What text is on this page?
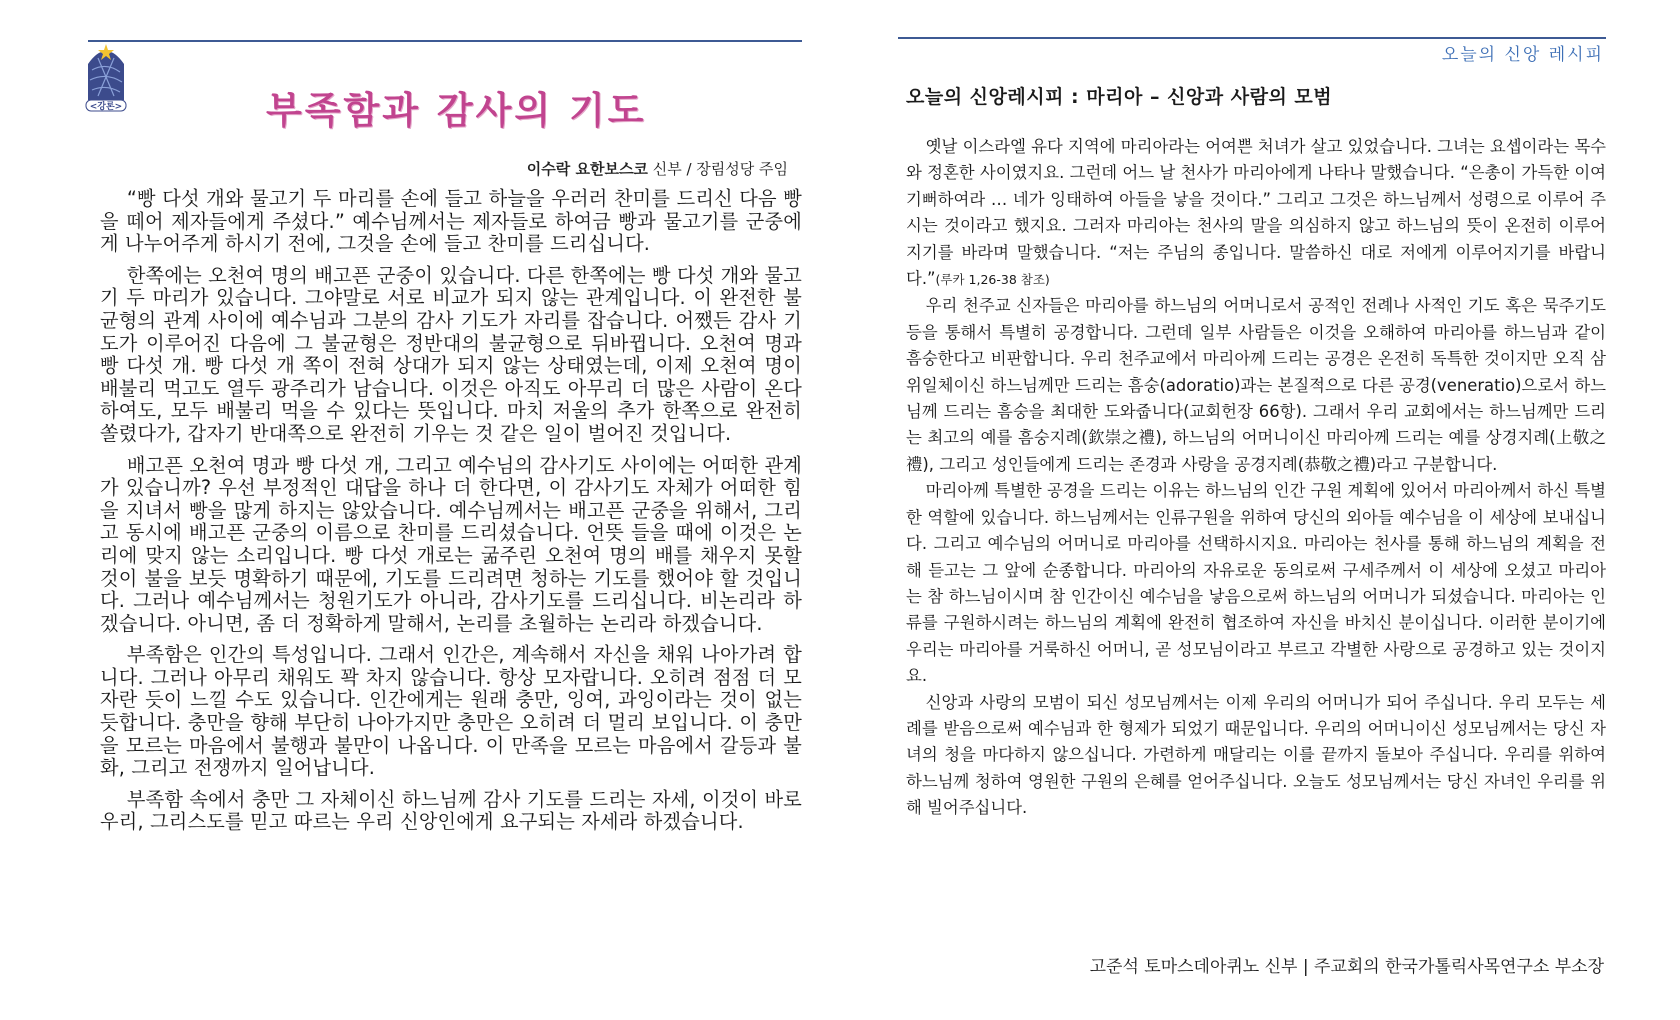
<강론>	부족함과 감사의 기도
이수락 요한보스코 신부 / 장림성당 주임

“빵 다섯 개와 물고기 두 마리를 손에 들고 하늘을 우러러 찬미를 드리신 다음 빵을 떼어 제자들에게 주셨다.” 예수님께서는 제자들로 하여금 빵과 물고기를 군중에게 나누어주게 하시기 전에, 그것을 손에 들고 찬미를 드리십니다.

한쪽에는 오천여 명의 배고픈 군중이 있습니다. 다른 한쪽에는 빵 다섯 개와 물고기 두 마리가 있습니다. 그야말로 서로 비교가 되지 않는 관계입니다. 이 완전한 불균형의 관계 사이에 예수님과 그분의 감사 기도가 자리를 잡습니다. 어쨌든 감사 기도가 이루어진 다음에 그 불균형은 정반대의 불균형으로 뒤바뀝니다. 오천여 명과 빵 다섯 개. 빵 다섯 개 쪽이 전혀 상대가 되지 않는 상태였는데, 이제 오천여 명이 배불리 먹고도 열두 광주리가 남습니다. 이것은 아직도 아무리 더 많은 사람이 온다 하여도, 모두 배불리 먹을 수 있다는 뜻입니다. 마치 저울의 추가 한쪽으로 완전히 쏠렸다가, 갑자기 반대쪽으로 완전히 기우는 것 같은 일이 벌어진 것입니다.

배고픈 오천여 명과 빵 다섯 개, 그리고 예수님의 감사기도 사이에는 어떠한 관계가 있습니까? 우선 부정적인 대답을 하나 더 한다면, 이 감사기도 자체가 어떠한 힘을 지녀서 빵을 많게 하지는 않았습니다. 예수님께서는 배고픈 군중을 위해서, 그리고 동시에 배고픈 군중의 이름으로 찬미를 드리셨습니다. 언뜻 들을 때에 이것은 논리에 맞지 않는 소리입니다. 빵 다섯 개로는 굶주린 오천여 명의 배를 채우지 못할 것이 불을 보듯 명확하기 때문에, 기도를 드리려면 청하는 기도를 했어야 할 것입니다. 그러나 예수님께서는 청원기도가 아니라, 감사기도를 드리십니다. 비논리라 하겠습니다. 아니면, 좀 더 정확하게 말해서, 논리를 초월하는 논리라 하겠습니다.

부족함은 인간의 특성입니다. 그래서 인간은, 계속해서 자신을 채워 나아가려 합니다. 그러나 아무리 채워도 꽉 차지 않습니다. 항상 모자랍니다. 오히려 점점 더 모자란 듯이 느낄 수도 있습니다. 인간에게는 원래 충만, 잉여, 과잉이라는 것이 없는 듯합니다. 충만을 향해 부단히 나아가지만 충만은 오히려 더 멀리 보입니다. 이 충만을 모르는 마음에서 불행과 불만이 나옵니다. 이 만족을 모르는 마음에서 갈등과 불화, 그리고 전쟁까지 일어납니다.

부족함 속에서 충만 그 자체이신 하느님께 감사 기도를 드리는 자세, 이것이 바로 우리, 그리스도를 믿고 따르는 우리 신앙인에게 요구되는 자세라 하겠습니다.

오늘의 신앙 레시피
오늘의 신앙레시피 : 마리아 – 신앙과 사람의 모범

옛날 이스라엘 유다 지역에 마리아라는 어여쁜 처녀가 살고 있었습니다. 그녀는 요셉이라는 목수와 정혼한 사이였지요. 그런데 어느 날 천사가 마리아에게 나타나 말했습니다. “은총이 가득한 이여 기뻐하여라 … 네가 잉태하여 아들을 낳을 것이다.” 그리고 그것은 하느님께서 성령으로 이루어 주시는 것이라고 했지요. 그러자 마리아는 천사의 말을 의심하지 않고 하느님의 뜻이 온전히 이루어지기를 바라며 말했습니다. “저는 주님의 종입니다. 말씀하신 대로 저에게 이루어지기를 바랍니다.”(루카 1,26-38 참조)

우리 천주교 신자들은 마리아를 하느님의 어머니로서 공적인 전례나 사적인 기도 혹은 묵주기도 등을 통해서 특별히 공경합니다. 그런데 일부 사람들은 이것을 오해하여 마리아를 하느님과 같이 흠숭한다고 비판합니다. 우리 천주교에서 마리아께 드리는 공경은 온전히 독특한 것이지만 오직 삼위일체이신 하느님께만 드리는 흠숭(adoratio)과는 본질적으로 다른 공경(veneratio)으로서 하느님께 드리는 흠숭을 최대한 도와줍니다(교회헌장 66항). 그래서 우리 교회에서는 하느님께만 드리는 최고의 예를 흠숭지례(欽崇之禮), 하느님의 어머니이신 마리아께 드리는 예를 상경지례(上敬之禮), 그리고 성인들에게 드리는 존경과 사랑을 공경지례(恭敬之禮)라고 구분합니다.

마리아께 특별한 공경을 드리는 이유는 하느님의 인간 구원 계획에 있어서 마리아께서 하신 특별한 역할에 있습니다. 하느님께서는 인류구원을 위하여 당신의 외아들 예수님을 이 세상에 보내십니다. 그리고 예수님의 어머니로 마리아를 선택하시지요. 마리아는 천사를 통해 하느님의 계획을 전해 듣고는 그 앞에 순종합니다. 마리아의 자유로운 동의로써 구세주께서 이 세상에 오셨고 마리아는 참 하느님이시며 참 인간이신 예수님을 낳음으로써 하느님의 어머니가 되셨습니다. 마리아는 인류를 구원하시려는 하느님의 계획에 완전히 협조하여 자신을 바치신 분이십니다. 이러한 분이기에 우리는 마리아를 거룩하신 어머니, 곧 성모님이라고 부르고 각별한 사랑으로 공경하고 있는 것이지요.

신앙과 사랑의 모범이 되신 성모님께서는 이제 우리의 어머니가 되어 주십니다. 우리 모두는 세례를 받음으로써 예수님과 한 형제가 되었기 때문입니다. 우리의 어머니이신 성모님께서는 당신 자녀의 청을 마다하지 않으십니다. 가련하게 매달리는 이를 끝까지 돌보아 주십니다. 우리를 위하여 하느님께 청하여 영원한 구원의 은혜를 얻어주십니다. 오늘도 성모님께서는 당신 자녀인 우리를 위해 빌어주십니다.

고준석 토마스데아퀴노 신부 | 주교회의 한국가톨릭사목연구소 부소장
